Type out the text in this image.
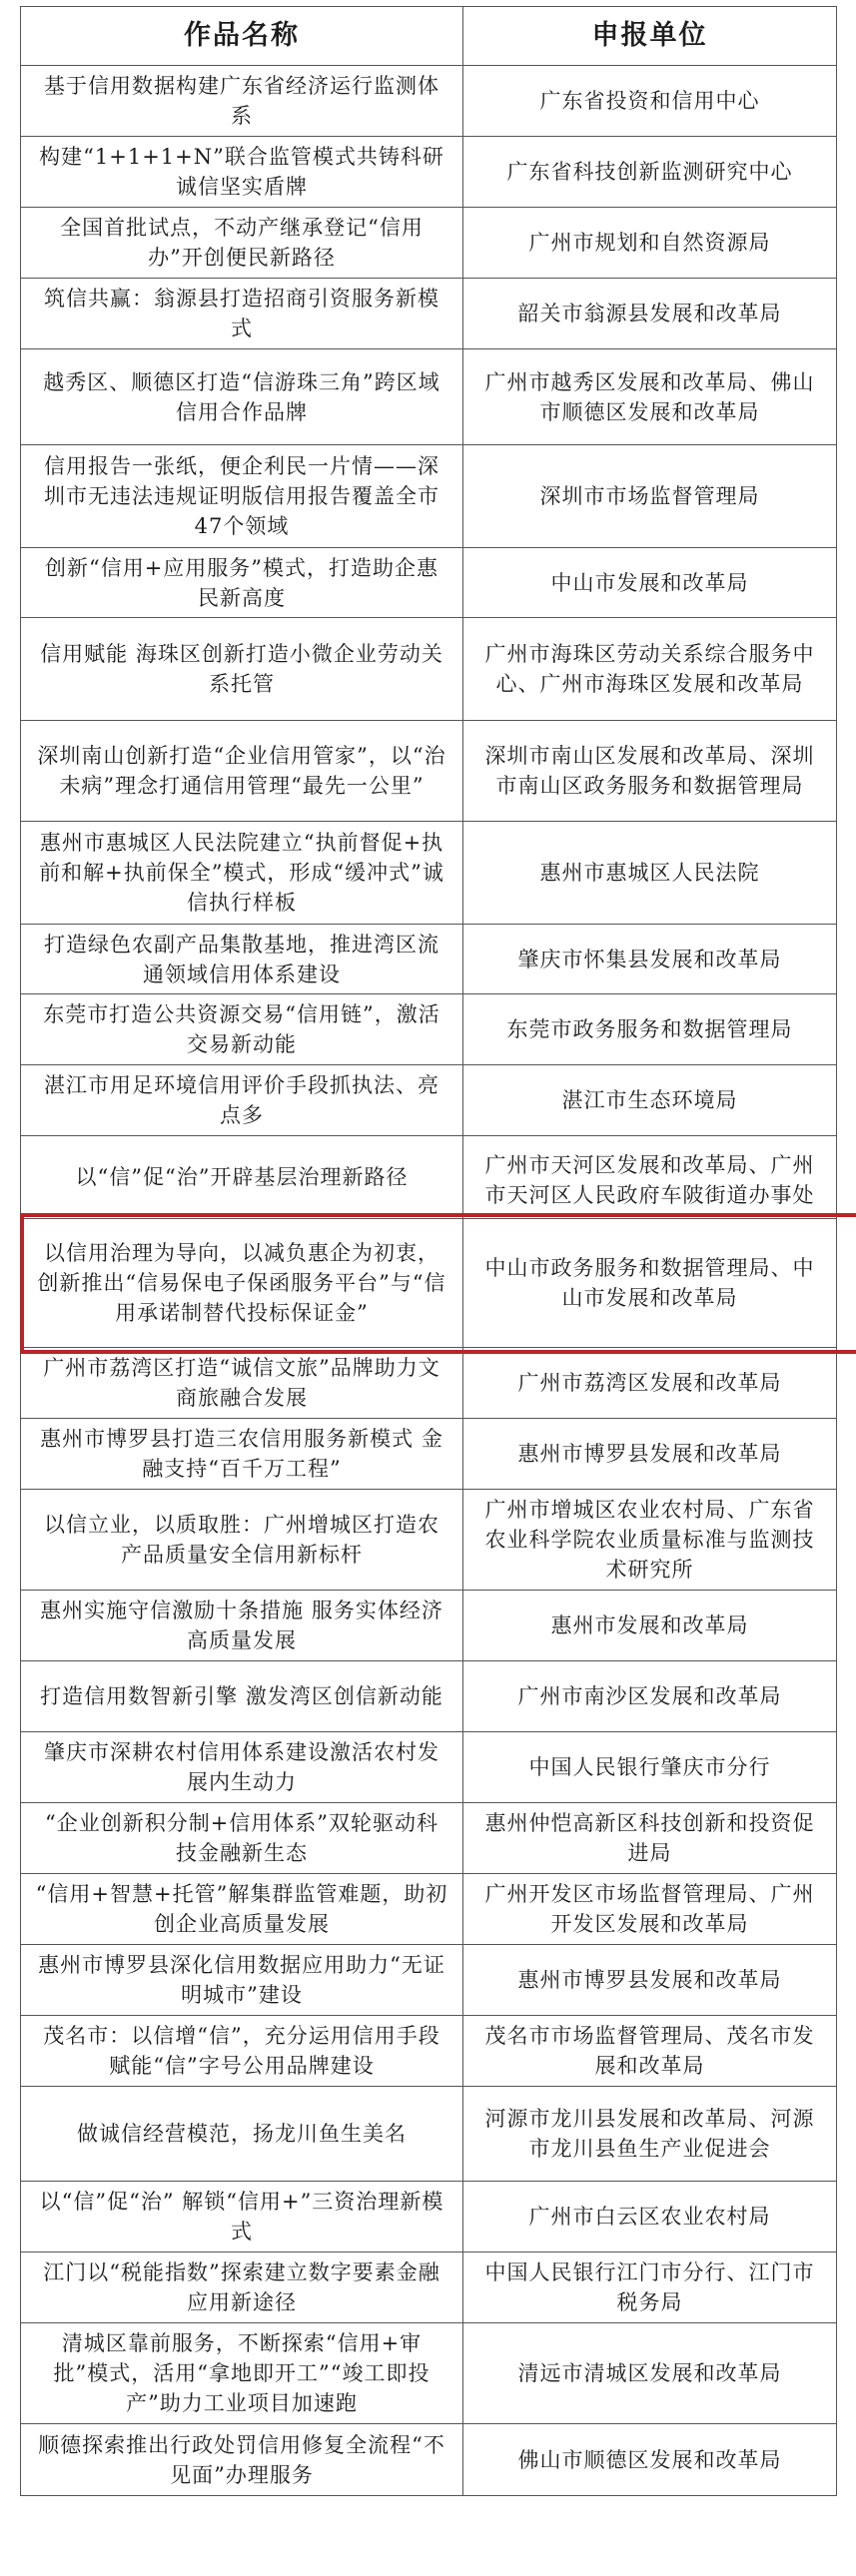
作品名称	申报单位
基于信用数据构建广东省经济运行监测体系	广东省投资和信用中心
构建“1+1+1+N”联合监管模式共铸科研诚信坚实盾牌	广东省科技创新监测研究中心
全国首批试点，不动产继承登记“信用办”开创便民新路径	广州市规划和自然资源局
筑信共赢：翁源县打造招商引资服务新模式	韶关市翁源县发展和改革局
越秀区、顺德区打造“信游珠三角”跨区域信用合作品牌	广州市越秀区发展和改革局、佛山市顺德区发展和改革局
信用报告一张纸，便企利民一片情——深圳市无违法违规证明版信用报告覆盖全市47个领域	深圳市市场监督管理局
创新“信用+应用服务”模式，打造助企惠民新高度	中山市发展和改革局
信用赋能 海珠区创新打造小微企业劳动关系托管	广州市海珠区劳动关系综合服务中心、广州市海珠区发展和改革局
深圳南山创新打造“企业信用管家”，以“治未病”理念打通信用管理“最先一公里”	深圳市南山区发展和改革局、深圳市南山区政务服务和数据管理局
惠州市惠城区人民法院建立“执前督促+执前和解+执前保全”模式，形成“缓冲式”诚信执行样板	惠州市惠城区人民法院
打造绿色农副产品集散基地，推进湾区流通领域信用体系建设	肇庆市怀集县发展和改革局
东莞市打造公共资源交易“信用链”，激活交易新动能	东莞市政务服务和数据管理局
湛江市用足环境信用评价手段抓执法、亮点多	湛江市生态环境局
以“信”促“治”开辟基层治理新路径	广州市天河区发展和改革局、广州市天河区人民政府车陂街道办事处

以信用治理为导向，以减负惠企为初衷，创新推出“信易保电子保函服务平台”与“信用承诺制替代投标保证金”	中山市政务服务和数据管理局、中山市发展和改革局
广州市荔湾区打造“诚信文旅”品牌助力文商旅融合发展	广州市荔湾区发展和改革局
惠州市博罗县打造三农信用服务新模式 金融支持“百千万工程”	惠州市博罗县发展和改革局
以信立业，以质取胜：广州增城区打造农产品质量安全信用新标杆	广州市增城区农业农村局、广东省农业科学院农业质量标准与监测技术研究所
惠州实施守信激励十条措施 服务实体经济高质量发展	惠州市发展和改革局
打造信用数智新引擎 激发湾区创信新动能	广州市南沙区发展和改革局
肇庆市深耕农村信用体系建设激活农村发展内生动力	中国人民银行肇庆市分行
“企业创新积分制+信用体系”双轮驱动科技金融新生态	惠州仲恺高新区科技创新和投资促进局
“信用+智慧+托管”解集群监管难题，助初创企业高质量发展	广州开发区市场监督管理局、广州开发区发展和改革局
惠州市博罗县深化信用数据应用助力“无证明城市”建设	惠州市博罗县发展和改革局
茂名市：以信增“信”，充分运用信用手段赋能“信”字号公用品牌建设	茂名市市场监督管理局、茂名市发展和改革局
做诚信经营模范，扬龙川鱼生美名	河源市龙川县发展和改革局、河源市龙川县鱼生产业促进会
以“信”促“治” 解锁“信用+”三资治理新模式	广州市白云区农业农村局
江门以“税能指数”探索建立数字要素金融应用新途径	中国人民银行江门市分行、江门市税务局
清城区靠前服务，不断探索“信用+审批”模式，活用“拿地即开工”“竣工即投产”助力工业项目加速跑	清远市清城区发展和改革局
顺德探索推出行政处罚信用修复全流程“不见面”办理服务	佛山市顺德区发展和改革局
